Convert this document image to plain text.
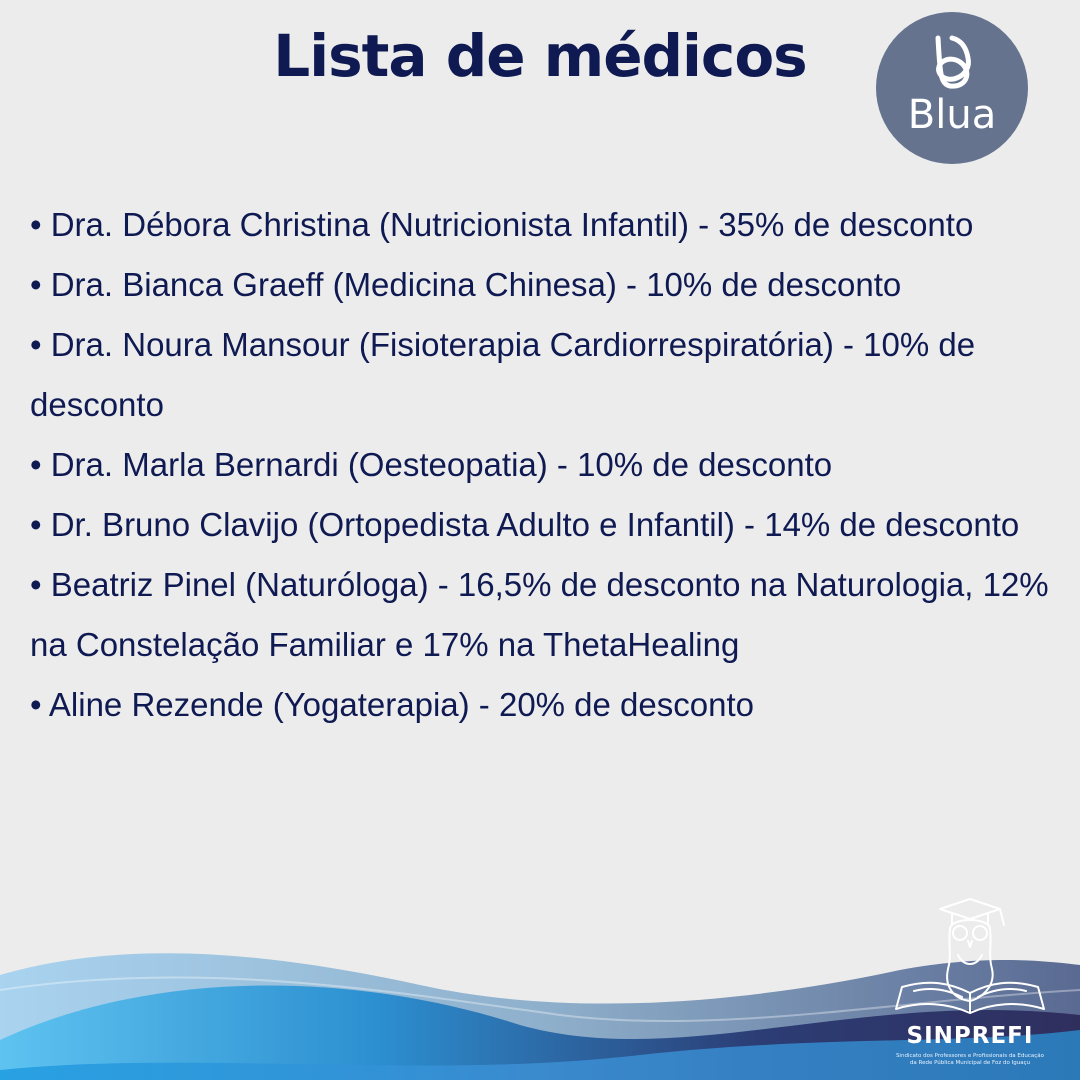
Lista de médicos
Blua
• Dra. Débora Christina (Nutricionista Infantil) - 35% de desconto
• Dra. Bianca Graeff (Medicina Chinesa) - 10% de desconto
• Dra. Noura Mansour (Fisioterapia Cardiorrespiratória) - 10% de desconto
• Dra. Marla Bernardi (Oesteopatia) - 10% de desconto
• Dr. Bruno Clavijo (Ortopedista Adulto e Infantil) - 14% de desconto
• Beatriz Pinel (Naturóloga) - 16,5% de desconto na Naturologia, 12% na Constelação Familiar e 17% na ThetaHealing
• Aline Rezende (Yogaterapia) - 20% de desconto
SINPREFI
Sindicato dos Professores e Profissionais da Educação
da Rede Pública Municipal de Foz do Iguaçu
